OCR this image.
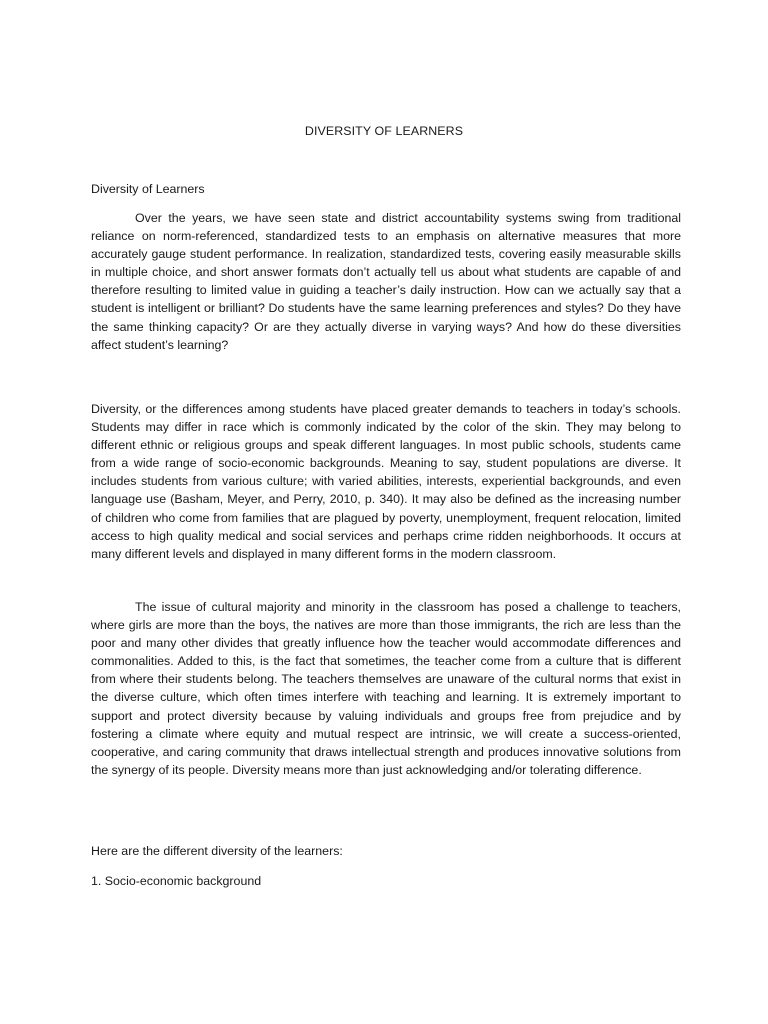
DIVERSITY OF LEARNERS
Diversity of Learners

Over the years, we have seen state and district accountability systems swing from traditional reliance on norm-referenced, standardized tests to an emphasis on alternative measures that more accurately gauge student performance. In realization, standardized tests, covering easily measurable skills in multiple choice, and short answer formats don’t actually tell us about what students are capable of and therefore resulting to limited value in guiding a teacher’s daily instruction. How can we actually say that a student is intelligent or brilliant? Do students have the same learning preferences and styles? Do they have the same thinking capacity? Or are they actually diverse in varying ways? And how do these diversities affect student’s learning?

Diversity, or the differences among students have placed greater demands to teachers in today’s schools. Students may differ in race which is commonly indicated by the color of the skin. They may belong to different ethnic or religious groups and speak different languages. In most public schools, students came from a wide range of socio-economic backgrounds. Meaning to say, student populations are diverse. It includes students from various culture; with varied abilities, interests, experiential backgrounds, and even language use (Basham, Meyer, and Perry, 2010, p. 340). It may also be defined as the increasing number of children who come from families that are plagued by poverty, unemployment, frequent relocation, limited access to high quality medical and social services and perhaps crime ridden neighborhoods. It occurs at many different levels and displayed in many different forms in the modern classroom.

The issue of cultural majority and minority in the classroom has posed a challenge to teachers, where girls are more than the boys, the natives are more than those immigrants, the rich are less than the poor and many other divides that greatly influence how the teacher would accommodate differences and commonalities. Added to this, is the fact that sometimes, the teacher come from a culture that is different from where their students belong. The teachers themselves are unaware of the cultural norms that exist in the diverse culture, which often times interfere with teaching and learning. It is extremely important to support and protect diversity because by valuing individuals and groups free from prejudice and by fostering a climate where equity and mutual respect are intrinsic, we will create a success-oriented, cooperative, and caring community that draws intellectual strength and produces innovative solutions from the synergy of its people. Diversity means more than just acknowledging and/or tolerating difference.

Here are the different diversity of the learners:

1. Socio-economic background
